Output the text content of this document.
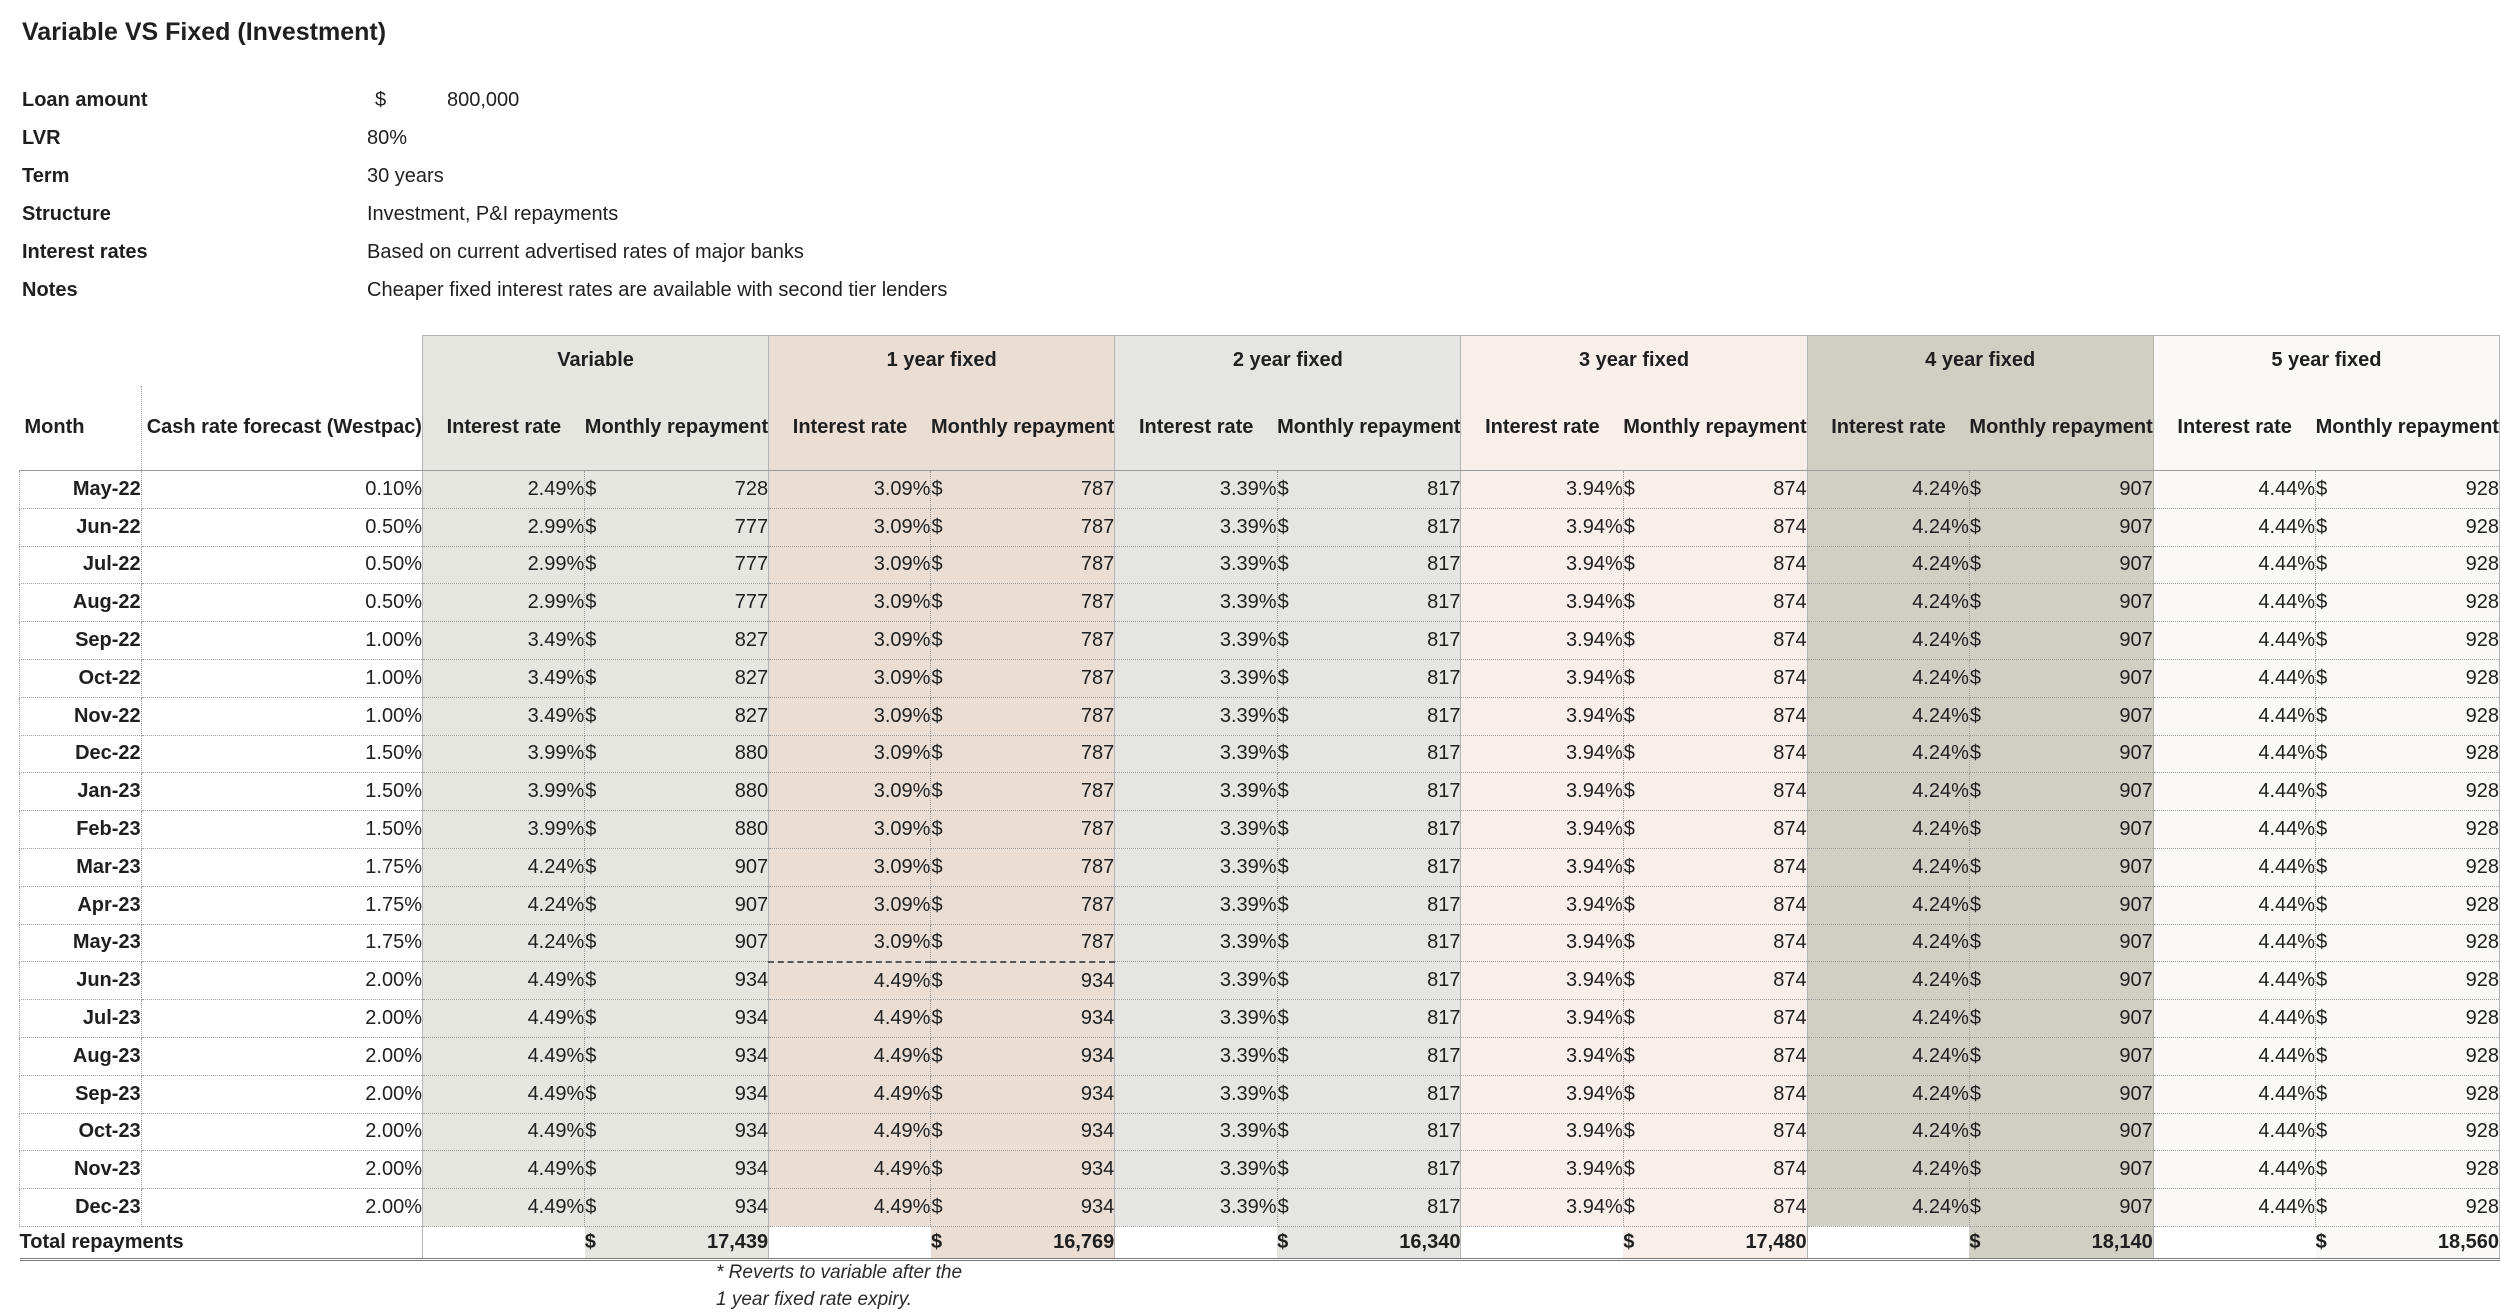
Variable VS Fixed (Investment)
Loan amount	$	800,000
LVR	80%
Term	30 years
Structure	Investment, P&I repayments
Interest rates	Based on current advertised rates of major banks
Notes	Cheaper fixed interest rates are available with second tier lenders
		Variable		1 year fixed		2 year fixed		3 year fixed		4 year fixed		5 year fixed	
Month	Cash rate forecast (Westpac)	Interest rate	Monthly repayment	Interest rate	Monthly repayment	Interest rate	Monthly repayment	Interest rate	Monthly repayment	Interest rate	Monthly repayment	Interest rate	Monthly repayment
May-22	0.10%	2.49%	$ 728	3.09%	$ 787	3.39%	$ 817	3.94%	$ 874	4.24%	$ 907	4.44%	$ 928

Jun-22	0.50%	2.99%	$ 777	3.09%	$ 787	3.39%	$ 817	3.94%	$ 874	4.24%	$ 907	4.44%	$ 928

Jul-22	0.50%	2.99%	$ 777	3.09%	$ 787	3.39%	$ 817	3.94%	$ 874	4.24%	$ 907	4.44%	$ 928

Aug-22	0.50%	2.99%	$ 777	3.09%	$ 787	3.39%	$ 817	3.94%	$ 874	4.24%	$ 907	4.44%	$ 928

Sep-22	1.00%	3.49%	$ 827	3.09%	$ 787	3.39%	$ 817	3.94%	$ 874	4.24%	$ 907	4.44%	$ 928

Oct-22	1.00%	3.49%	$ 827	3.09%	$ 787	3.39%	$ 817	3.94%	$ 874	4.24%	$ 907	4.44%	$ 928

Nov-22	1.00%	3.49%	$ 827	3.09%	$ 787	3.39%	$ 817	3.94%	$ 874	4.24%	$ 907	4.44%	$ 928

Dec-22	1.50%	3.99%	$ 880	3.09%	$ 787	3.39%	$ 817	3.94%	$ 874	4.24%	$ 907	4.44%	$ 928

Jan-23	1.50%	3.99%	$ 880	3.09%	$ 787	3.39%	$ 817	3.94%	$ 874	4.24%	$ 907	4.44%	$ 928

Feb-23	1.50%	3.99%	$ 880	3.09%	$ 787	3.39%	$ 817	3.94%	$ 874	4.24%	$ 907	4.44%	$ 928

Mar-23	1.75%	4.24%	$ 907	3.09%	$ 787	3.39%	$ 817	3.94%	$ 874	4.24%	$ 907	4.44%	$ 928

Apr-23	1.75%	4.24%	$ 907	3.09%	$ 787	3.39%	$ 817	3.94%	$ 874	4.24%	$ 907	4.44%	$ 928

May-23	1.75%	4.24%	$ 907	3.09%	$ 787	3.39%	$ 817	3.94%	$ 874	4.24%	$ 907	4.44%	$ 928

Jun-23	2.00%	4.49%	$ 934	4.49%	$ 934	3.39%	$ 817	3.94%	$ 874	4.24%	$ 907	4.44%	$ 928

Jul-23	2.00%	4.49%	$ 934	4.49%	$ 934	3.39%	$ 817	3.94%	$ 874	4.24%	$ 907	4.44%	$ 928

Aug-23	2.00%	4.49%	$ 934	4.49%	$ 934	3.39%	$ 817	3.94%	$ 874	4.24%	$ 907	4.44%	$ 928

Sep-23	2.00%	4.49%	$ 934	4.49%	$ 934	3.39%	$ 817	3.94%	$ 874	4.24%	$ 907	4.44%	$ 928

Oct-23	2.00%	4.49%	$ 934	4.49%	$ 934	3.39%	$ 817	3.94%	$ 874	4.24%	$ 907	4.44%	$ 928

Nov-23	2.00%	4.49%	$ 934	4.49%	$ 934	3.39%	$ 817	3.94%	$ 874	4.24%	$ 907	4.44%	$ 928

Dec-23	2.00%	4.49%	$ 934	4.49%	$ 934	3.39%	$ 817	3.94%	$ 874	4.24%	$ 907	4.44%	$ 928

Total repayments			$ 17,439		$ 16,769		$ 16,340		$ 17,480		$ 18,140		$ 18,560
* Reverts to variable after the
1 year fixed rate expiry.
